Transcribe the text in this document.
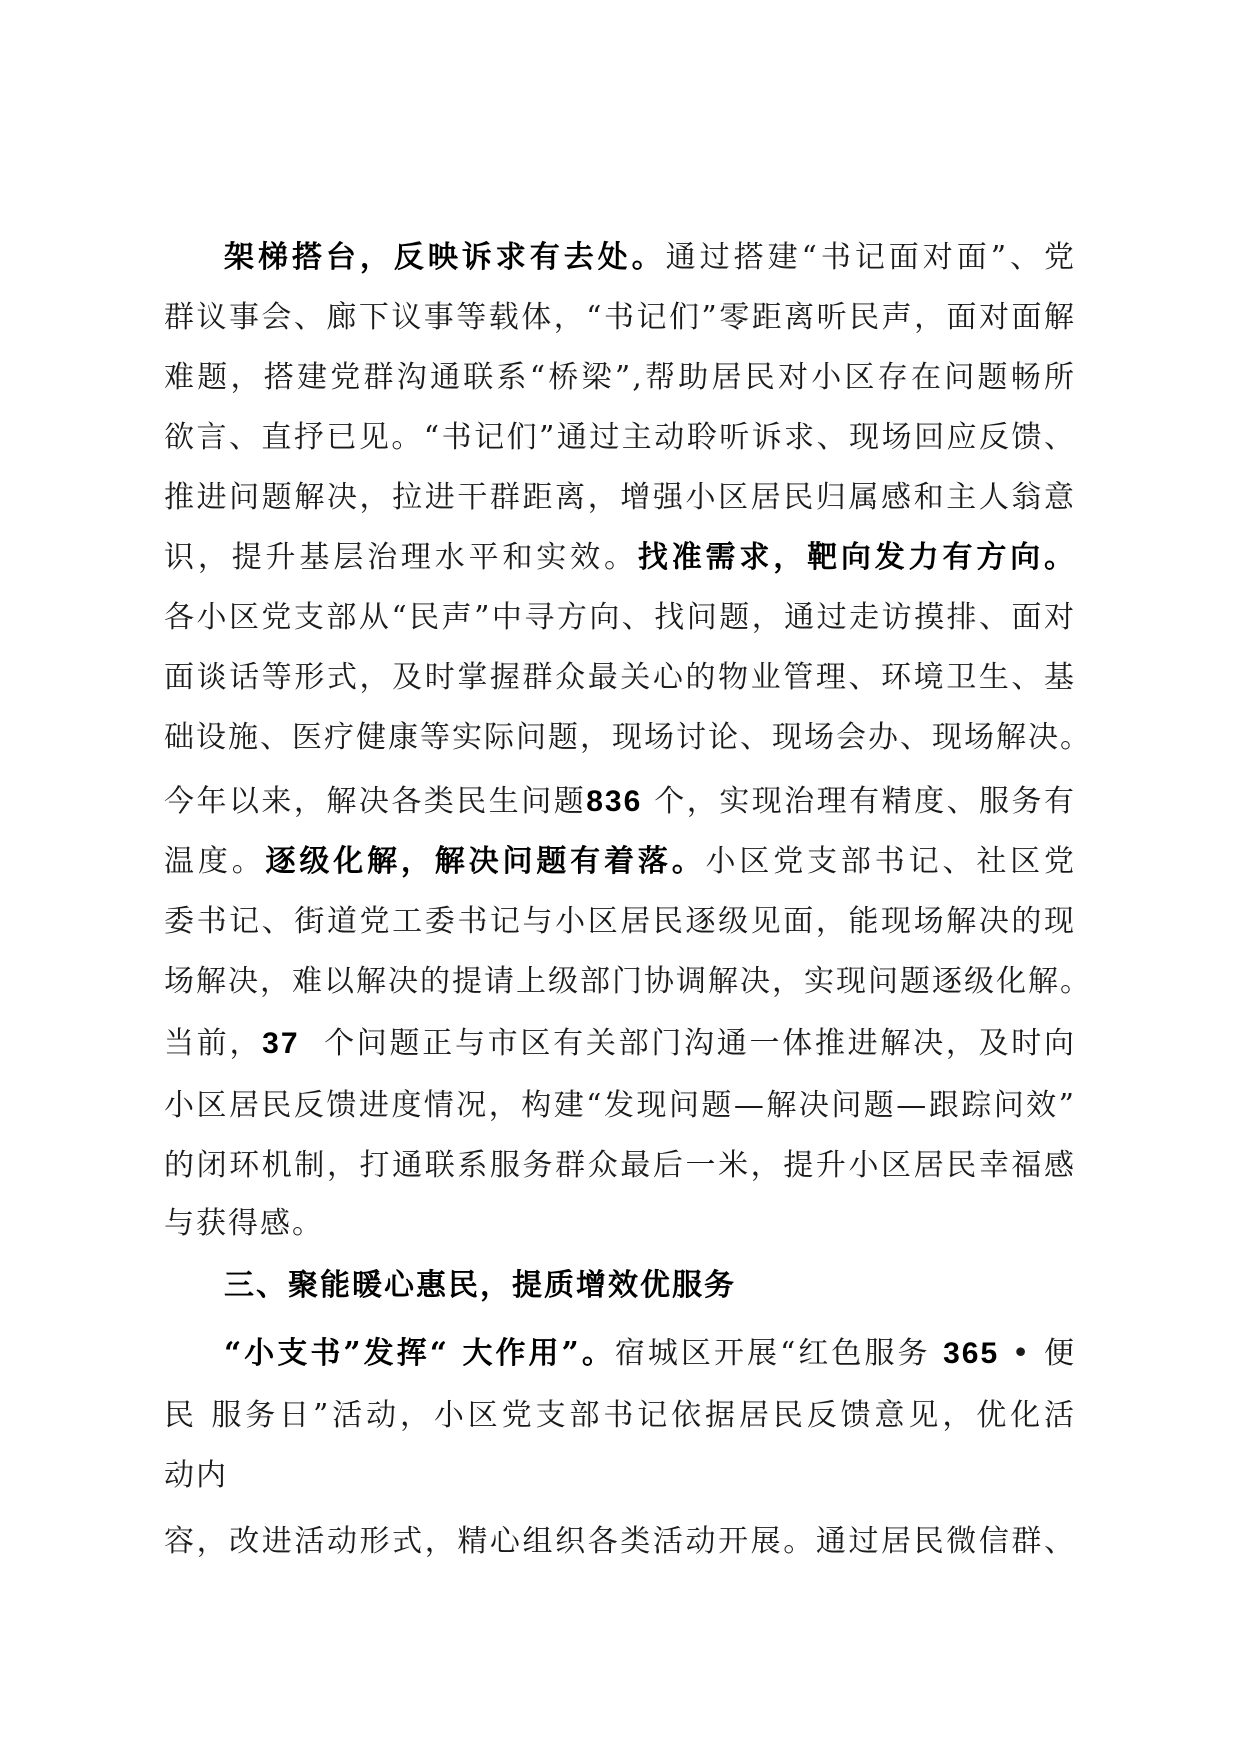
架梯搭台，反映诉求有去处。通过搭建“书记面对面”、党
群议事会、廊下议事等载体，“书记们”零距离听民声，面对面解
难题，搭建党群沟通联系“桥梁”,帮助居民对小区存在问题畅所
欲言、直抒已见。“书记们”通过主动聆听诉求、现场回应反馈、
推进问题解决，拉进干群距离，增强小区居民归属感和主人翁意
识，提升基层治理水平和实效。找准需求，靶向发力有方向。
各小区党支部从“民声”中寻方向、找问题，通过走访摸排、面对
面谈话等形式，及时掌握群众最关心的物业管理、环境卫生、基
础设施、医疗健康等实际问题，现场讨论、现场会办、现场解决。
今年以来，解决各类民生问题836 个，实现治理有精度、服务有
温度。逐级化解，解决问题有着落。小区党支部书记、社区党
委书记、街道党工委书记与小区居民逐级见面，能现场解决的现
场解决，难以解决的提请上级部门协调解决，实现问题逐级化解。
当前，37  个问题正与市区有关部门沟通一体推进解决，及时向
小区居民反馈进度情况，构建“发现问题—解决问题—跟踪问效”
的闭环机制，打通联系服务群众最后一米，提升小区居民幸福感
与获得感。
三、聚能暖心惠民，提质增效优服务
“小支书”发挥“ 大作用”。宿城区开展“红色服务 365 • 便
民 服务日”活动，小区党支部书记依据居民反馈意见，优化活
动内
容，改进活动形式，精心组织各类活动开展。通过居民微信群、
